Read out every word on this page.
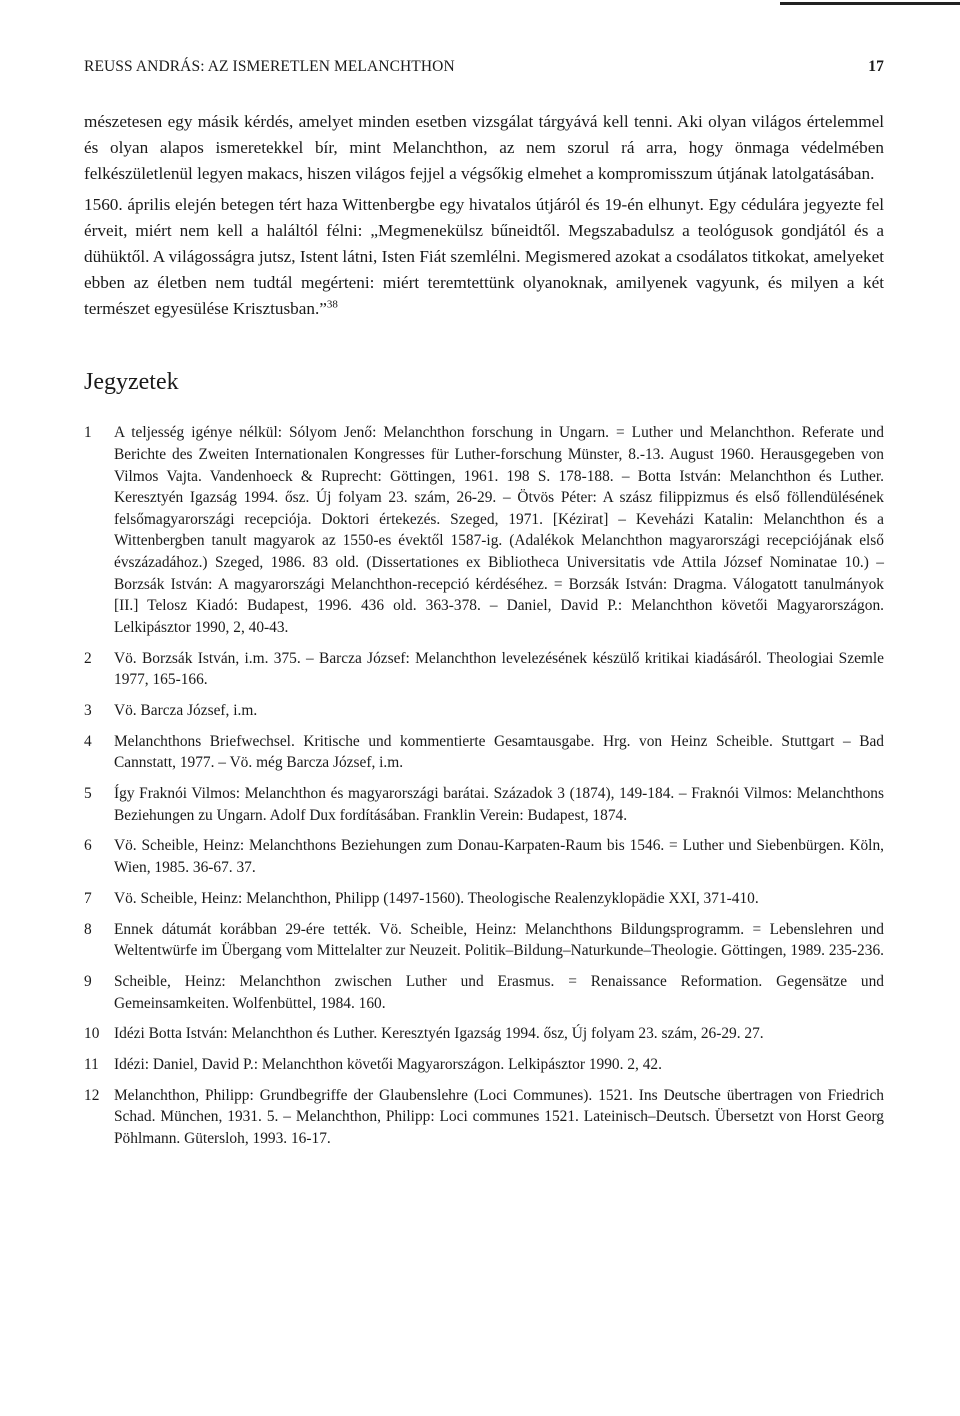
REUSS ANDRÁS: AZ ISMERETLEN MELANCHTHON	17

mészetesen egy másik kérdés, amelyet minden esetben vizsgálat tárgyává kell tenni. Aki olyan világos értelemmel és olyan alapos ismeretekkel bír, mint Melanchthon, az nem szorul rá arra, hogy önmaga védelmében felkészületlenül legyen makacs, hiszen világos fejjel a végsőkig elmehet a kompromisszum útjának latolgatásában.

1560. április elején betegen tért haza Wittenbergbe egy hivatalos útjáról és 19-én elhunyt. Egy cédulára jegyezte fel érveit, miért nem kell a haláltól félni: „Megmenekülsz bűneidtől. Megszabadulsz a teológusok gondjától és a dühüktől. A világosságra jutsz, Istent látni, Isten Fiát szemlélni. Megismered azokat a csodálatos titkokat, amelyeket ebben az életben nem tudtál megérteni: miért teremtettünk olyanoknak, amilyenek vagyunk, és milyen a két természet egyesülése Krisztusban.”$^{38}$

Jegyzetek
1	A teljesség igénye nélkül: Sólyom Jenő: Melanchthon forschung in Ungarn. = Luther und Melanchthon. Referate und Berichte des Zweiten Internationalen Kongresses für Luther-forschung Münster, 8.-13. August 1960. Herausgegeben von Vilmos Vajta. Vandenhoeck & Ruprecht: Göttingen, 1961. 198 S. 178-188. – Botta István: Melanchthon és Luther. Keresztyén Igazság 1994. ősz. Új folyam 23. szám, 26-29. – Ötvös Péter: A szász filippizmus és első föllendülésének felsőmagyarországi recepciója. Doktori értekezés. Szeged, 1971. [Kézirat] – Keveházi Katalin: Melanchthon és a Wittenbergben tanult magyarok az 1550-es évektől 1587-ig. (Adalékok Melanchthon magyarországi recepciójának első évszázadához.) Szeged, 1986. 83 old. (Dissertationes ex Bibliotheca Universitatis vde Attila József Nominatae 10.) – Borzsák István: A magyarországi Melanchthon-recepció kérdéséhez. = Borzsák István: Dragma. Válogatott tanulmányok [II.] Telosz Kiadó: Budapest, 1996. 436 old. 363-378. – Daniel, David P.: Melanchthon követői Magyarországon. Lelkipásztor 1990, 2, 40-43.
2	Vö. Borzsák István, i.m. 375. – Barcza József: Melanchthon levelezésének készülő kritikai kiadásáról. Theologiai Szemle 1977, 165-166.
3	Vö. Barcza József, i.m.
4	Melanchthons Briefwechsel. Kritische und kommentierte Gesamtausgabe. Hrg. von Heinz Scheible. Stuttgart – Bad Cannstatt, 1977. – Vö. még Barcza József, i.m.
5	Így Fraknói Vilmos: Melanchthon és magyarországi barátai. Századok 3 (1874), 149-184. – Fraknói Vilmos: Melanchthons Beziehungen zu Ungarn. Adolf Dux fordításában. Franklin Verein: Budapest, 1874.
6	Vö. Scheible, Heinz: Melanchthons Beziehungen zum Donau-Karpaten-Raum bis 1546. = Luther und Siebenbürgen. Köln, Wien, 1985. 36-67. 37.
7	Vö. Scheible, Heinz: Melanchthon, Philipp (1497-1560). Theologische Realenzyklopädie XXI, 371-410.
8	Ennek dátumát korábban 29-ére tették. Vö. Scheible, Heinz: Melanchthons Bildungsprogramm. = Lebenslehren und Weltentwürfe im Übergang vom Mittelalter zur Neuzeit. Politik–Bildung–Naturkunde–Theologie. Göttingen, 1989. 235-236.
9	Scheible, Heinz: Melanchthon zwischen Luther und Erasmus. = Renaissance Reformation. Gegensätze und Gemeinsamkeiten. Wolfenbüttel, 1984. 160.
10 Idézi Botta István: Melanchthon és Luther. Keresztyén Igazság 1994. ősz, Új folyam 23. szám, 26-29. 27.
11 Idézi: Daniel, David P.: Melanchthon követői Magyarországon. Lelkipásztor 1990. 2, 42.
12 Melanchthon, Philipp: Grundbegriffe der Glaubenslehre (Loci Communes). 1521. Ins Deutsche übertragen von Friedrich Schad. München, 1931. 5. – Melanchthon, Philipp: Loci communes 1521. Lateinisch–Deutsch. Übersetzt von Horst Georg Pöhlmann. Gütersloh, 1993. 16-17.
